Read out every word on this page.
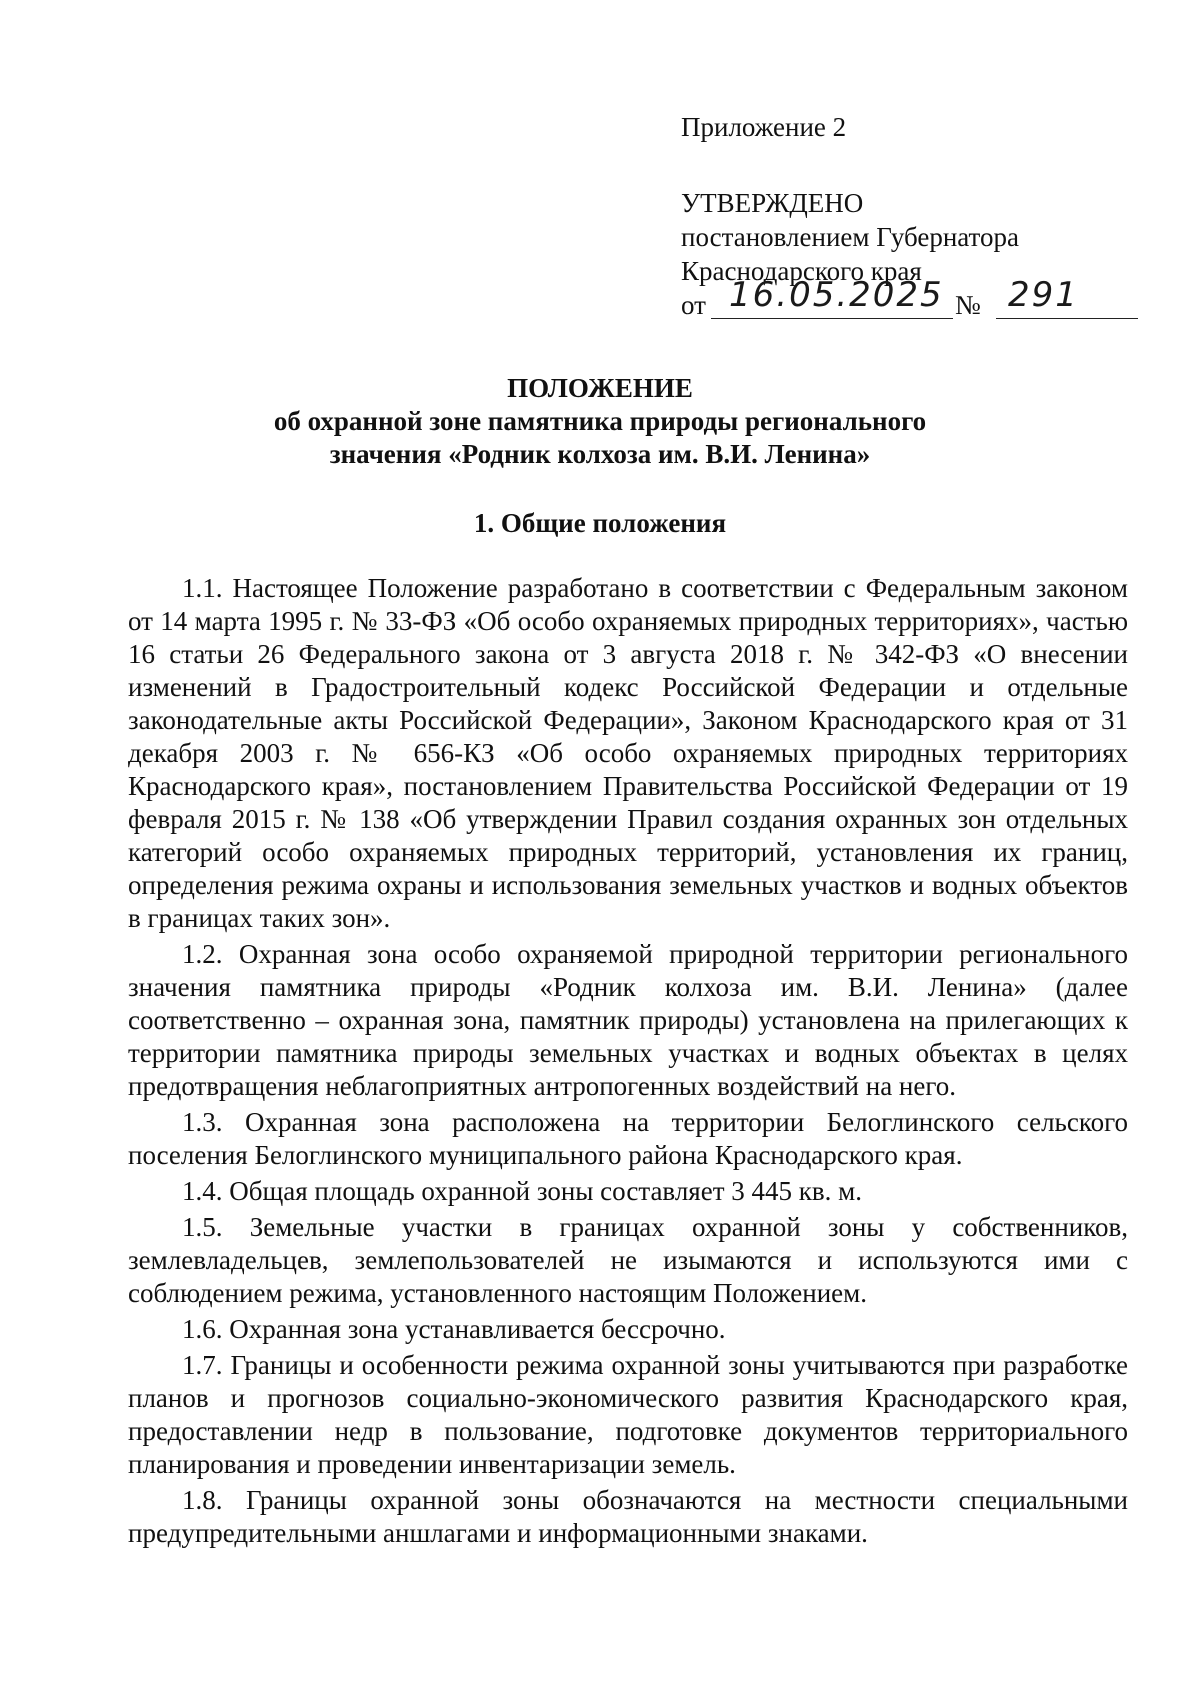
Приложение 2
УТВЕРЖДЕНО
постановлением Губернатора
Краснодарского края
от 16.05.2025 № 291
ПОЛОЖЕНИЕ
об охранной зоне памятника природы регионального
значения «Родник колхоза им. В.И. Ленина»
1. Общие положения

1.1. Настоящее Положение разработано в соответствии с Федеральным законом от 14 марта 1995 г. № 33-ФЗ «Об особо охраняемых природных территориях», частью 16 статьи 26 Федерального закона от 3 августа 2018 г. № 342-ФЗ «О внесении изменений в Градостроительный кодекс Российской Федерации и отдельные законодательные акты Российской Федерации», Законом Краснодарского края от 31 декабря 2003 г. № 656-КЗ «Об особо охраняемых природных территориях Краснодарского края», постановлением Правительства Российской Федерации от 19 февраля 2015 г. № 138 «Об утверждении Правил создания охранных зон отдельных категорий особо охраняемых природных территорий, установления их границ, определения режима охраны и использования земельных участков и водных объектов в границах таких зон».

1.2. Охранная зона особо охраняемой природной территории регионального значения памятника природы «Родник колхоза им. В.И. Ленина» (далее соответственно – охранная зона, памятник природы) установлена на прилегающих к территории памятника природы земельных участках и водных объектах в целях предотвращения неблагоприятных антропогенных воздействий на него.

1.3. Охранная зона расположена на территории Белоглинского сельского поселения Белоглинского муниципального района Краснодарского края.

1.4. Общая площадь охранной зоны составляет 3 445 кв. м.

1.5. Земельные участки в границах охранной зоны у собственников, землевладельцев, землепользователей не изымаются и используются ими с соблюдением режима, установленного настоящим Положением.

1.6. Охранная зона устанавливается бессрочно.

1.7. Границы и особенности режима охранной зоны учитываются при разработке планов и прогнозов социально-экономического развития Краснодарского края, предоставлении недр в пользование, подготовке документов территориального планирования и проведении инвентаризации земель.

1.8. Границы охранной зоны обозначаются на местности специальными предупредительными аншлагами и информационными знаками.
